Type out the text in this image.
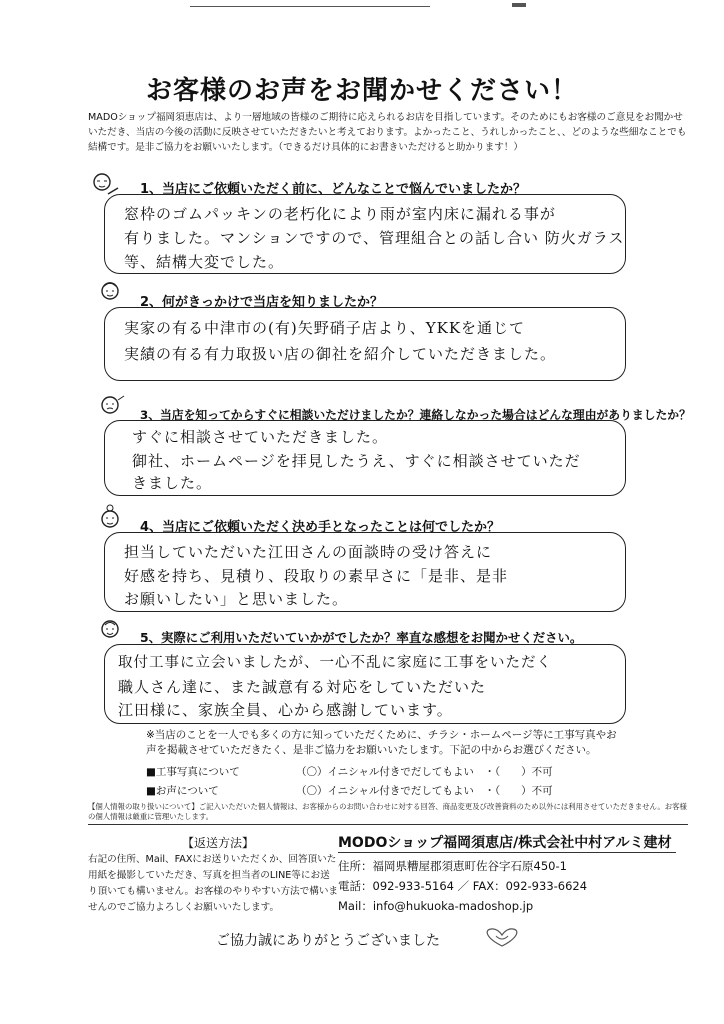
お客様のお声をお聞かせください！
MADOショップ福岡須恵店は、より一層地域の皆様のご期待に応えられるお店を目指しています。そのためにもお客様のご意見をお聞かせいただき、当店の今後の活動に反映させていただきたいと考えております。よかったこと、うれしかったこと、、どのような些細なことでも結構です。是非ご協力をお願いいたします。（できるだけ具体的にお書きいただけると助かります！）
1、当店にご依頼いただく前に、どんなことで悩んでいましたか？
窓枠のゴムパッキンの老朽化により雨が室内床に漏れる事が
有りました。マンションですので、管理組合との話し合い 防火ガラス
等、結構大変でした。
2、何がきっかけで当店を知りましたか？
実家の有る中津市の(有)矢野硝子店より、YKKを通じて
実績の有る有力取扱い店の御社を紹介していただきました。
3、当店を知ってからすぐに相談いただけましたか？連絡しなかった場合はどんな理由がありましたか？
すぐに相談させていただきました。
御社、ホームページを拝見したうえ、すぐに相談させていただ
きました。
4、当店にご依頼いただく決め手となったことは何でしたか？
担当していただいた江田さんの面談時の受け答えに
好感を持ち、見積り、段取りの素早さに「是非、是非
お願いしたい」と思いました。
5、実際にご利用いただいていかがでしたか？率直な感想をお聞かせください。
取付工事に立会いましたが、一心不乱に家庭に工事をいただく
職人さん達に、また誠意有る対応をしていただいた
江田様に、家族全員、心から感謝しています。
※当店のことを一人でも多くの方に知っていただくために、チラシ・ホームページ等に工事写真やお声を掲載させていただきたく、是非ご協力をお願いいたします。下記の中からお選びください。
■工事写真について	（〇）イニシャル付きでだしてもよい　・（　　）不可
■お声について	（〇）イニシャル付きでだしてもよい　・（　　）不可
【個人情報の取り扱いについて】ご記入いただいた個人情報は、お客様からのお問い合わせに対する回答、商品変更及び改善資料のため以外には利用させていただきません。お客様の個人情報は厳重に管理いたします。
【返送方法】
右記の住所、Mail、FAXにお送りいただくか、回答頂いた用紙を撮影していただき、写真を担当者のLINE等にお送り頂いても構いません。お客様のやりやすい方法で構いませんのでご協力よろしくお願いいたします。
MODOショップ福岡須恵店/株式会社中村アルミ建材
住所：福岡県糟屋郡須恵町佐谷字石原450-1
電話：092-933-5164 ／ FAX：092-933-6624
Mail：info@hukuoka-madoshop.jp
ご協力誠にありがとうございました
